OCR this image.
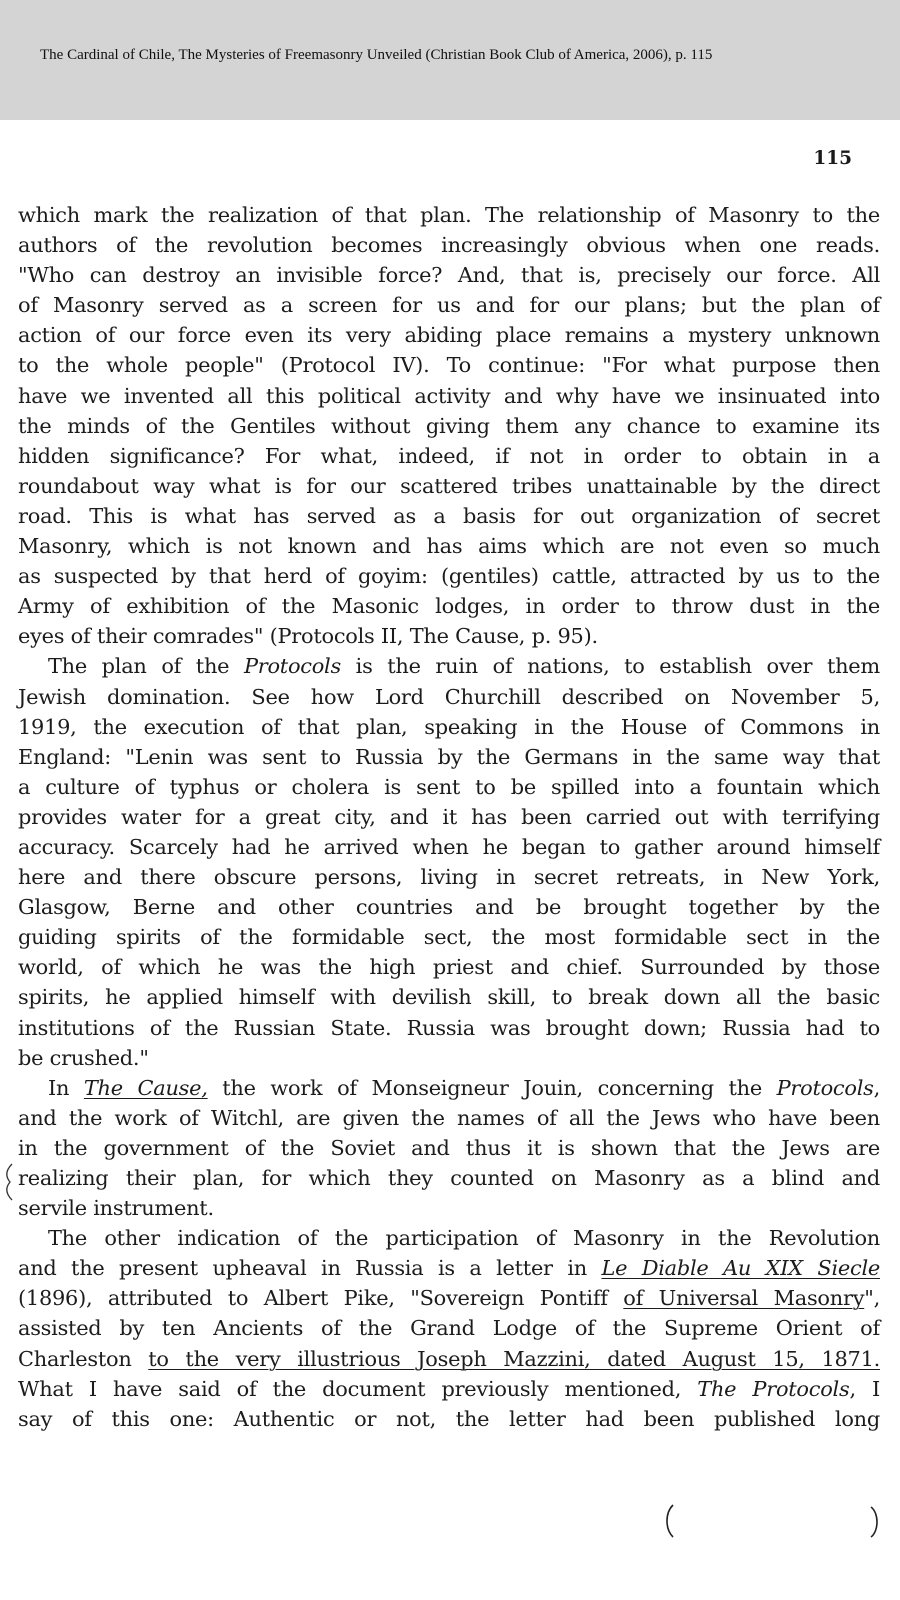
The Cardinal of Chile, The Mysteries of Freemasonry Unveiled (Christian Book Club of America, 2006), p. 115
115
which mark the realization of that plan. The relationship of Masonry to the
authors of the revolution becomes increasingly obvious when one reads.
"Who can destroy an invisible force? And, that is, precisely our force. All
of Masonry served as a screen for us and for our plans; but the plan of
action of our force even its very abiding place remains a mystery unknown
to the whole people" (Protocol IV). To continue: "For what purpose then
have we invented all this political activity and why have we insinuated into
the minds of the Gentiles without giving them any chance to examine its
hidden significance? For what, indeed, if not in order to obtain in a
roundabout way what is for our scattered tribes unattainable by the direct
road. This is what has served as a basis for out organization of secret
Masonry, which is not known and has aims which are not even so much
as suspected by that herd of goyim: (gentiles) cattle, attracted by us to the
Army of exhibition of the Masonic lodges, in order to throw dust in the
eyes of their comrades" (Protocols II, The Cause, p. 95).
The plan of the Protocols is the ruin of nations, to establish over them
Jewish domination. See how Lord Churchill described on November 5,
1919, the execution of that plan, speaking in the House of Commons in
England: "Lenin was sent to Russia by the Germans in the same way that
a culture of typhus or cholera is sent to be spilled into a fountain which
provides water for a great city, and it has been carried out with terrifying
accuracy. Scarcely had he arrived when he began to gather around himself
here and there obscure persons, living in secret retreats, in New York,
Glasgow, Berne and other countries and be brought together by the
guiding spirits of the formidable sect, the most formidable sect in the
world, of which he was the high priest and chief. Surrounded by those
spirits, he applied himself with devilish skill, to break down all the basic
institutions of the Russian State. Russia was brought down; Russia had to
be crushed."
In The Cause, the work of Monseigneur Jouin, concerning the Protocols,
and the work of Witchl, are given the names of all the Jews who have been
in the government of the Soviet and thus it is shown that the Jews are
realizing their plan, for which they counted on Masonry as a blind and
servile instrument.
The other indication of the participation of Masonry in the Revolution
and the present upheaval in Russia is a letter in Le Diable Au XIX Siecle
(1896), attributed to Albert Pike, "Sovereign Pontiff of Universal Masonry",
assisted by ten Ancients of the Grand Lodge of the Supreme Orient of
Charleston to the very illustrious Joseph Mazzini, dated August 15, 1871.
What I have said of the document previously mentioned, The Protocols, I
say of this one: Authentic or not, the letter had been published long
